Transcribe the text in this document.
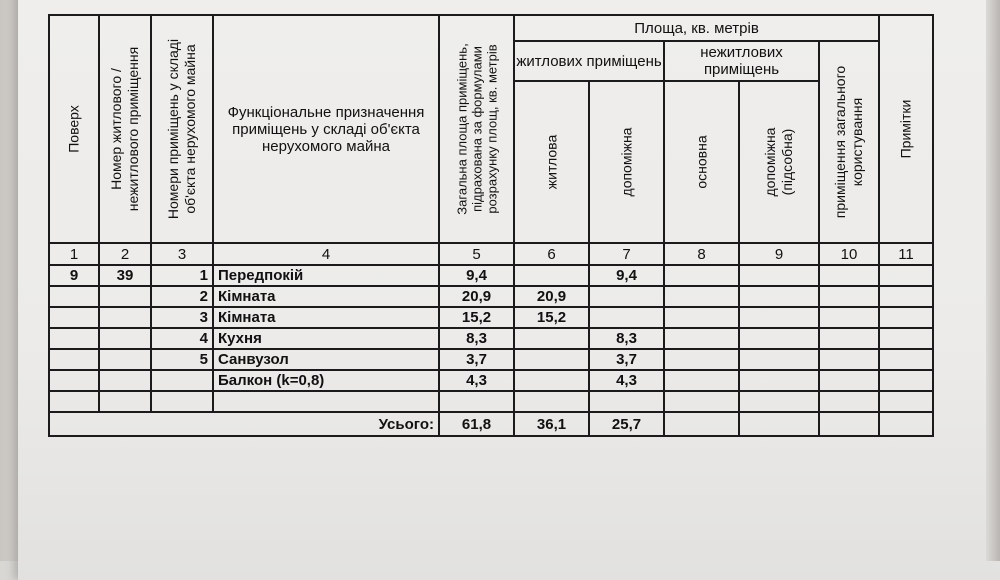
Поверх	Номер житлового / нежитлового приміщення	Номери приміщень у складі об'єкта нерухомого майна	Функціональне призначення приміщень у складі об'єкта нерухомого майна	Загальна площа приміщень, підрахована за формулами розрахунку площ, кв. метрів	Площа, кв. метрів					Примітки

					житлових приміщень		нежитлових приміщень		приміщення загального користування	

					житлова	допоміжна	основна	допоміжна (підсобна)		

1	2	3	4	5	6	7	8	9	10	11
9	39	1	Передпокій	9,4		9,4				
		2	Кімната	20,9	20,9					
		3	Кімната	15,2	15,2					
		4	Кухня	8,3		8,3				
		5	Санвузол	3,7		3,7				
			Балкон (k=0,8)	4,3		4,3				

Усього:				61,8	36,1	25,7				
